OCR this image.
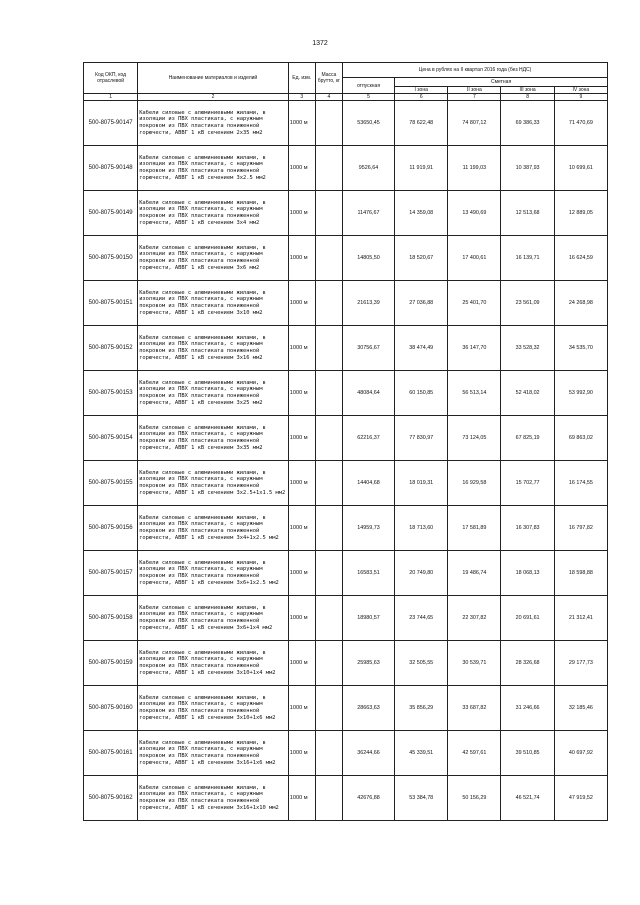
1372
Код ОКП, код отраслевой	Наименование материалов и изделий	Ед. изм.	Масса брутто, кг	Цена в рублях на II квартал 2016 года (без НДС)				
				отпускная	Сметная			
					I зона	II зона	III зона	IV зона
1	2	3	4	5	6	7	8	9
500-8075-90147	Кабели силовые с алюминиевыми жилами, в изоляции из ПВХ пластиката, с наружным покровом из ПВХ пластиката пониженной горючести, АВВГ 1 кВ сечением 2х35 мм2	1000 м		53650,45	78 622,48	74 807,12	69 386,33	71 470,69
500-8075-90148	Кабели силовые с алюминиевыми жилами, в изоляции из ПВХ пластиката, с наружным покровом из ПВХ пластиката пониженной горючести, АВВГ 1 кВ сечением 3х2.5 мм2	1000 м		9526,64	11 919,91	11 199,03	10 387,93	10 699,61
500-8075-90149	Кабели силовые с алюминиевыми жилами, в изоляции из ПВХ пластиката, с наружным покровом из ПВХ пластиката пониженной горючести, АВВГ 1 кВ сечением 3х4 мм2	1000 м		11476,67	14 359,08	13 490,69	12 513,68	12 889,05
500-8075-90150	Кабели силовые с алюминиевыми жилами, в изоляции из ПВХ пластиката, с наружным покровом из ПВХ пластиката пониженной горючести, АВВГ 1 кВ сечением 3х6 мм2	1000 м		14805,50	18 520,67	17 400,61	16 139,71	16 624,59
500-8075-90151	Кабели силовые с алюминиевыми жилами, в изоляции из ПВХ пластиката, с наружным покровом из ПВХ пластиката пониженной горючести, АВВГ 1 кВ сечением 3х10 мм2	1000 м		21613,39	27 036,88	25 401,70	23 561,09	24 268,98
500-8075-90152	Кабели силовые с алюминиевыми жилами, в изоляции из ПВХ пластиката, с наружным покровом из ПВХ пластиката пониженной горючести, АВВГ 1 кВ сечением 3х16 мм2	1000 м		30756,67	38 474,49	36 147,70	33 528,32	34 535,70
500-8075-90153	Кабели силовые с алюминиевыми жилами, в изоляции из ПВХ пластиката, с наружным покровом из ПВХ пластиката пониженной горючести, АВВГ 1 кВ сечением 3х25 мм2	1000 м		48084,64	60 150,85	56 513,14	52 418,02	53 992,90
500-8075-90154	Кабели силовые с алюминиевыми жилами, в изоляции из ПВХ пластиката, с наружным покровом из ПВХ пластиката пониженной горючести, АВВГ 1 кВ сечением 3х35 мм2	1000 м		62216,37	77 830,97	73 124,05	67 825,19	69 863,02
500-8075-90155	Кабели силовые с алюминиевыми жилами, в изоляции из ПВХ пластиката, с наружным покровом из ПВХ пластиката пониженной горючести, АВВГ 1 кВ сечением 3х2.5+1х1.5 мм2	1000 м		14404,68	18 019,31	16 929,58	15 702,77	16 174,55
500-8075-90156	Кабели силовые с алюминиевыми жилами, в изоляции из ПВХ пластиката, с наружным покровом из ПВХ пластиката пониженной горючести, АВВГ 1 кВ сечением 3х4+1х2.5 мм2	1000 м		14959,73	18 713,60	17 581,89	16 307,83	16 797,82
500-8075-90157	Кабели силовые с алюминиевыми жилами, в изоляции из ПВХ пластиката, с наружным покровом из ПВХ пластиката пониженной горючести, АВВГ 1 кВ сечением 3х6+1х2.5 мм2	1000 м		16583,51	20 749,80	19 486,74	18 068,13	18 598,88
500-8075-90158	Кабели силовые с алюминиевыми жилами, в изоляции из ПВХ пластиката, с наружным покровом из ПВХ пластиката пониженной горючести, АВВГ 1 кВ сечением 3х6+1х4 мм2	1000 м		18980,57	23 744,65	22 307,82	20 691,61	21 312,41
500-8075-90159	Кабели силовые с алюминиевыми жилами, в изоляции из ПВХ пластиката, с наружным покровом из ПВХ пластиката пониженной горючести, АВВГ 1 кВ сечением 3х10+1х4 мм2	1000 м		25985,63	32 505,55	30 539,71	28 326,68	29 177,73
500-8075-90160	Кабели силовые с алюминиевыми жилами, в изоляции из ПВХ пластиката, с наружным покровом из ПВХ пластиката пониженной горючести, АВВГ 1 кВ сечением 3х10+1х6 мм2	1000 м		28663,63	35 856,29	33 687,82	31 246,66	32 185,46
500-8075-90161	Кабели силовые с алюминиевыми жилами, в изоляции из ПВХ пластиката, с наружным покровом из ПВХ пластиката пониженной горючести, АВВГ 1 кВ сечением 3х16+1х6 мм2	1000 м		36244,66	45 339,51	42 597,61	39 510,85	40 697,92
500-8075-90162	Кабели силовые с алюминиевыми жилами, в изоляции из ПВХ пластиката, с наружным покровом из ПВХ пластиката пониженной горючести, АВВГ 1 кВ сечением 3х16+1х10 мм2	1000 м		42676,88	53 384,78	50 156,29	46 521,74	47 919,52
